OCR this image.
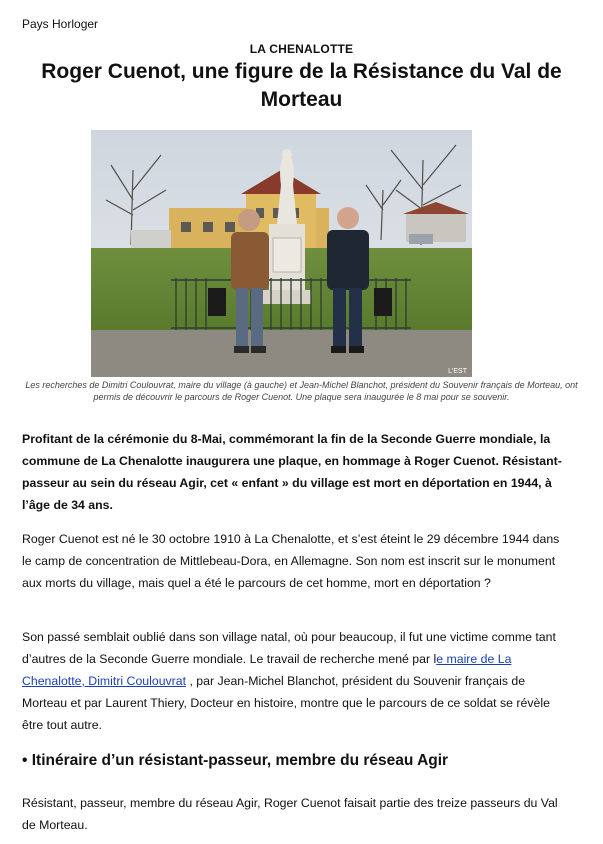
Pays Horloger
LA CHENALOTTE
Roger Cuenot, une figure de la Résistance du Val de Morteau
L'EST

Les recherches de Dimitri Coulouvrat, maire du village (à gauche) et Jean-Michel Blanchot, président du Souvenir français de Morteau, ont permis de découvrir le parcours de Roger Cuenot. Une plaque sera inaugurée le 8 mai pour se souvenir.

Profitant de la cérémonie du 8-Mai, commémorant la fin de la Seconde Guerre mondiale, la commune de La Chenalotte inaugurera une plaque, en hommage à Roger Cuenot. Résistant-passeur au sein du réseau Agir, cet « enfant » du village est mort en déportation en 1944, à l’âge de 34 ans.

Roger Cuenot est né le 30 octobre 1910 à La Chenalotte, et s’est éteint le 29 décembre 1944 dans le camp de concentration de Mittlebeau-Dora, en Allemagne. Son nom est inscrit sur le monument aux morts du village, mais quel a été le parcours de cet homme, mort en déportation ?

Son passé semblait oublié dans son village natal, où pour beaucoup, il fut une victime comme tant d’autres de la Seconde Guerre mondiale. Le travail de recherche mené par le maire de La Chenalotte, Dimitri Coulouvrat , par Jean-Michel Blanchot, président du Souvenir français de Morteau et par Laurent Thiery, Docteur en histoire, montre que le parcours de ce soldat se révèle être tout autre.

• Itinéraire d’un résistant-passeur, membre du réseau Agir

Résistant, passeur, membre du réseau Agir, Roger Cuenot faisait partie des treize passeurs du Val de Morteau.
